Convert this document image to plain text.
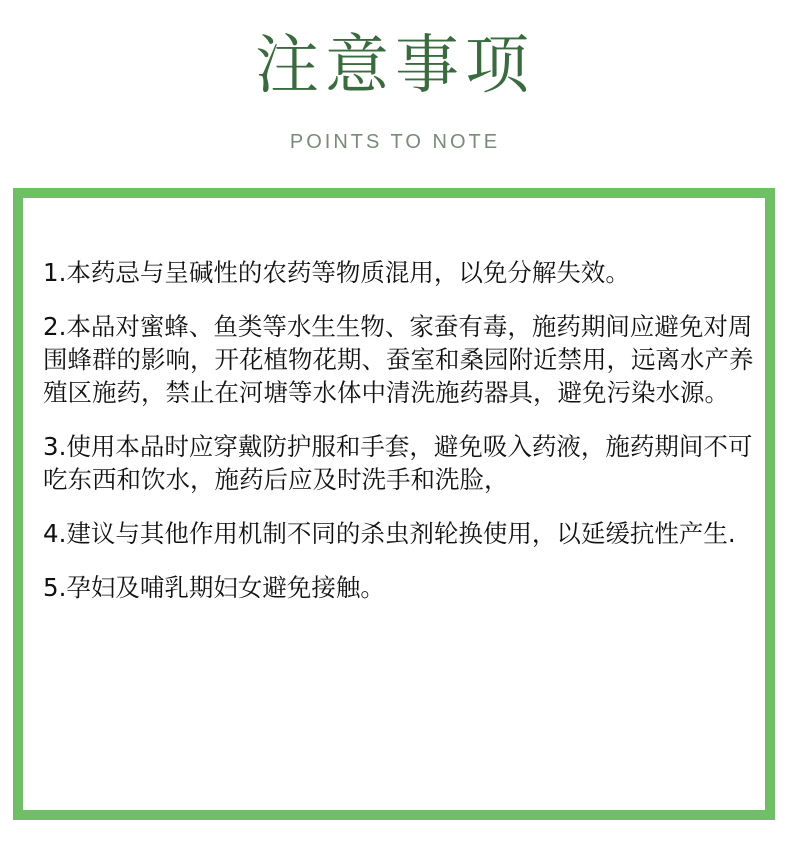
注意事项
POINTS TO NOTE
1.本药忌与呈碱性的农药等物质混用，以免分解失效。
2.本品对蜜蜂、鱼类等水生生物、家蚕有毒，施药期间应避免对周围蜂群的影响，开花植物花期、蚕室和桑园附近禁用，远离水产养殖区施药，禁止在河塘等水体中清洗施药器具，避免污染水源。
3.使用本品时应穿戴防护服和手套，避免吸入药液，施药期间不可吃东西和饮水，施药后应及时洗手和洗脸，
4.建议与其他作用机制不同的杀虫剂轮换使用，以延缓抗性产生.
5.孕妇及哺乳期妇女避免接触。
